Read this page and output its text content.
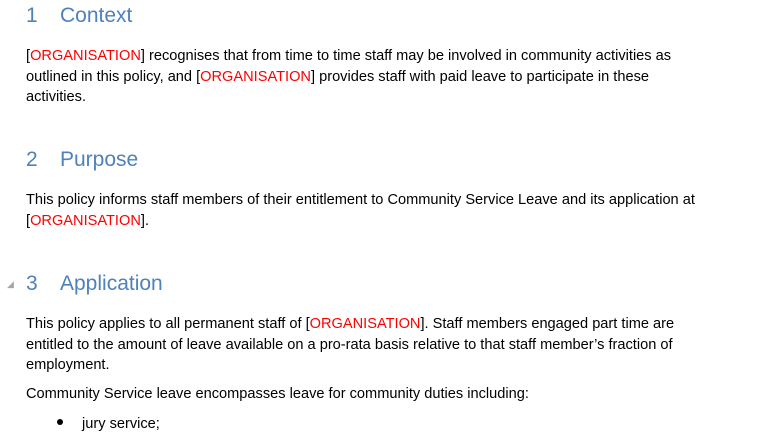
1 Context

[ORGANISATION] recognises that from time to time staff may be involved in community activities as

outlined in this policy, and [ORGANISATION] provides staff with paid leave to participate in these

activities.

2 Purpose

This policy informs staff members of their entitlement to Community Service Leave and its application at

[ORGANISATION].

◢ 3 Application

This policy applies to all permanent staff of [ORGANISATION]. Staff members engaged part time are

entitled to the amount of leave available on a pro-rata basis relative to that staff member’s fraction of

employment.

Community Service leave encompasses leave for community duties including:

jury service;
